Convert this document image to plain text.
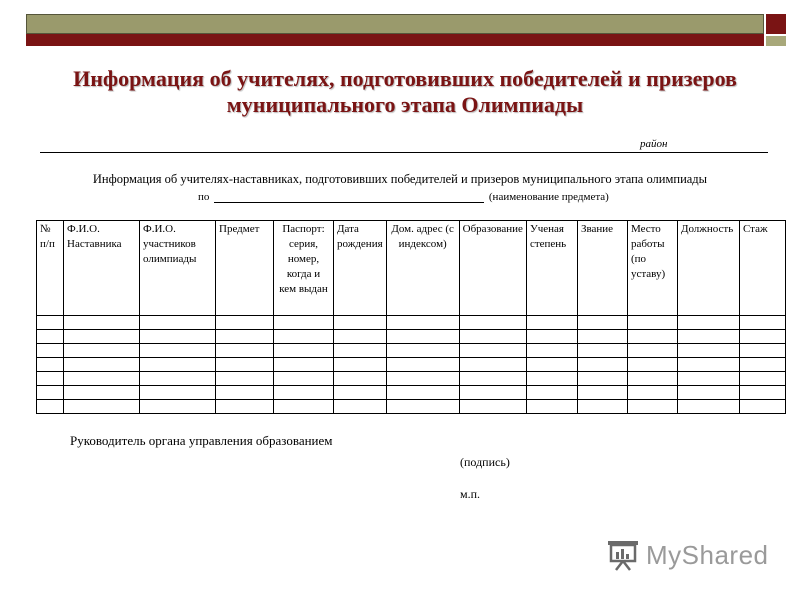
Информация об учителях, подготовивших победителей и призеров муниципального этапа Олимпиады
район
Информация об учителях-наставниках, подготовивших победителей и призеров муниципального этапа олимпиады
по	(наименование предмета)
№ п/п	Ф.И.О. Наставника	Ф.И.О. участников олимпиады	Предмет	Паспорт: серия, номер, когда и кем выдан	Дата рождения	Дом. адрес (с индексом)	Образование	Ученая степень	Звание	Место работы (по уставу)	Должность	Стаж

Руководитель органа управления образованием
(подпись)
м.п.
MyShared
